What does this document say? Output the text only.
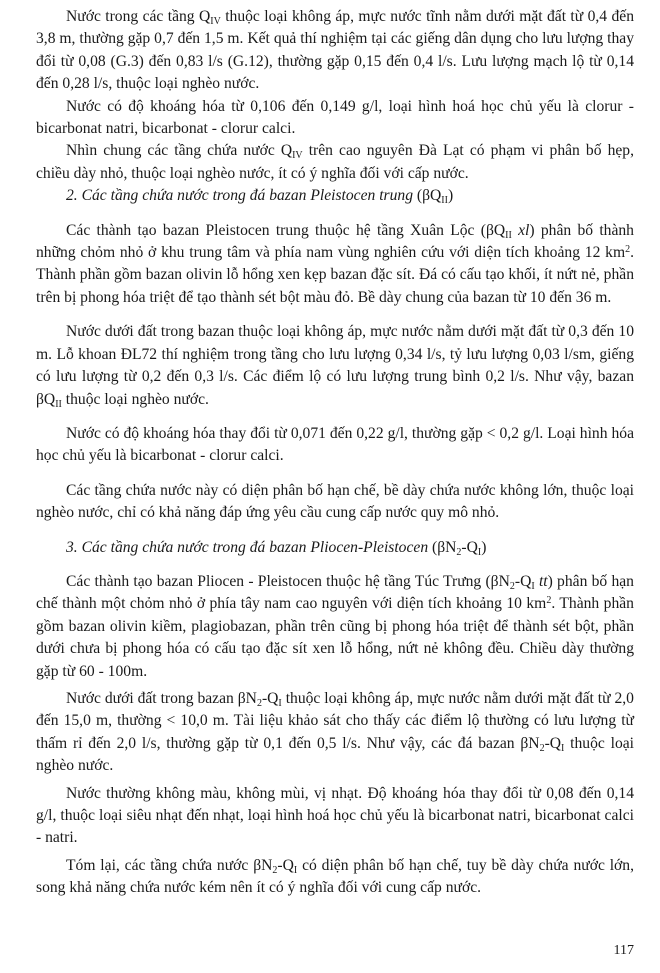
Nước trong các tầng $Q_{IV}$ thuộc loại không áp, mực nước tĩnh nằm dưới mặt đất từ 0,4 đến 3,8 m, thường gặp 0,7 đến 1,5 m. Kết quả thí nghiệm tại các giếng dân dụng cho lưu lượng thay đổi từ 0,08 (G.3) đến 0,83 l/s (G.12), thường gặp 0,15 đến 0,4 l/s. Lưu lượng mạch lộ từ 0,14 đến 0,28 l/s, thuộc loại nghèo nước.

Nước có độ khoáng hóa từ 0,106 đến 0,149 g/l, loại hình hoá học chủ yếu là clorur - bicarbonat natri, bicarbonat - clorur calci.

Nhìn chung các tầng chứa nước $Q_{IV}$ trên cao nguyên Đà Lạt có phạm vi phân bố hẹp, chiều dày nhỏ, thuộc loại nghèo nước, ít có ý nghĩa đối với cấp nước.

2. Các tầng chứa nước trong đá bazan Pleistocen trung $(\beta Q_{II})$

Các thành tạo bazan Pleistocen trung thuộc hệ tầng Xuân Lộc ($\beta Q_{II}$ xl) phân bố thành những chỏm nhỏ ở khu trung tâm và phía nam vùng nghiên cứu với diện tích khoảng 12 $km^2$. Thành phần gồm bazan olivin lỗ hổng xen kẹp bazan đặc sít. Đá có cấu tạo khối, ít nứt nẻ, phần trên bị phong hóa triệt để tạo thành sét bột màu đỏ. Bề dày chung của bazan từ 10 đến 36 m.

Nước dưới đất trong bazan thuộc loại không áp, mực nước nằm dưới mặt đất từ 0,3 đến 10 m. Lỗ khoan ĐL72 thí nghiệm trong tầng cho lưu lượng 0,34 l/s, tỷ lưu lượng 0,03 l/sm, giếng có lưu lượng từ 0,2 đến 0,3 l/s. Các điểm lộ có lưu lượng trung bình 0,2 l/s. Như vậy, bazan $\beta Q_{II}$ thuộc loại nghèo nước.

Nước có độ khoáng hóa thay đổi từ 0,071 đến 0,22 g/l, thường gặp < 0,2 g/l. Loại hình hóa học chủ yếu là bicarbonat - clorur calci.

Các tầng chứa nước này có diện phân bố hạn chế, bề dày chứa nước không lớn, thuộc loại nghèo nước, chỉ có khả năng đáp ứng yêu cầu cung cấp nước quy mô nhỏ.

3. Các tầng chứa nước trong đá bazan Pliocen-Pleistocen $(\beta N_2-Q_I)$

Các thành tạo bazan Pliocen - Pleistocen thuộc hệ tầng Túc Trưng ($\beta N_2-Q_I$ tt) phân bố hạn chế thành một chỏm nhỏ ở phía tây nam cao nguyên với diện tích khoảng 10 $km^2$. Thành phần gồm bazan olivin kiềm, plagiobazan, phần trên cũng bị phong hóa triệt để thành sét bột, phần dưới chưa bị phong hóa có cấu tạo đặc sít xen lỗ hổng, nứt nẻ không đều. Chiều dày thường gặp từ 60 - 100m.

Nước dưới đất trong bazan $\beta N_2-Q_I$ thuộc loại không áp, mực nước nằm dưới mặt đất từ 2,0 đến 15,0 m, thường < 10,0 m. Tài liệu khảo sát cho thấy các điểm lộ thường có lưu lượng từ thấm rỉ đến 2,0 l/s, thường gặp từ 0,1 đến 0,5 l/s. Như vậy, các đá bazan $\beta N_2-Q_I$ thuộc loại nghèo nước.

Nước thường không màu, không mùi, vị nhạt. Độ khoáng hóa thay đổi từ 0,08 đến 0,14 g/l, thuộc loại siêu nhạt đến nhạt, loại hình hoá học chủ yếu là bicarbonat natri, bicarbonat calci - natri.

Tóm lại, các tầng chứa nước $\beta N_2-Q_I$ có diện phân bố hạn chế, tuy bề dày chứa nước lớn, song khả năng chứa nước kém nên ít có ý nghĩa đối với cung cấp nước.

117
